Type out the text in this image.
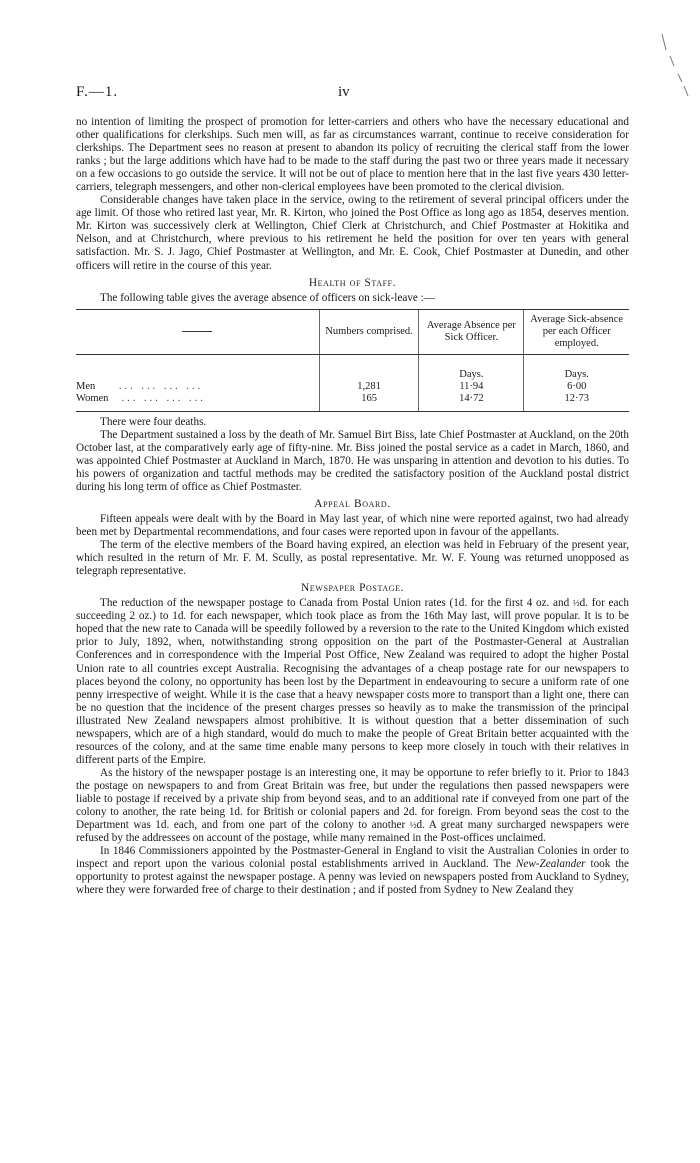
F.—1.	iv

no intention of limiting the prospect of promotion for letter-carriers and others who have the necessary educational and other qualifications for clerkships. Such men will, as far as circumstances warrant, continue to receive consideration for clerkships. The Department sees no reason at present to abandon its policy of recruiting the clerical staff from the lower ranks ; but the large additions which have had to be made to the staff during the past two or three years made it necessary on a few occasions to go outside the service. It will not be out of place to mention here that in the last five years 430 letter-carriers, telegraph messengers, and other non-clerical employees have been promoted to the clerical division.

Considerable changes have taken place in the service, owing to the retirement of several principal officers under the age limit. Of those who retired last year, Mr. R. Kirton, who joined the Post Office as long ago as 1854, deserves mention. Mr. Kirton was successively clerk at Wellington, Chief Clerk at Christchurch, and Chief Postmaster at Hokitika and Nelson, and at Christchurch, where previous to his retirement he held the position for over ten years with general satisfaction. Mr. S. J. Jago, Chief Postmaster at Wellington, and Mr. E. Cook, Chief Postmaster at Dunedin, and other officers will retire in the course of this year.

Health of Staff.

The following table gives the average absence of officers on sick-leave :—

	Numbers comprised.	Average Absence per Sick Officer.	Average Sick-absence per each Officer employed.
		Days.	Days.
Men ... ... ... ...	1,281	11·94	6·00
Women ... ... ... ...	165	14·72	12·73

There were four deaths.

The Department sustained a loss by the death of Mr. Samuel Birt Biss, late Chief Postmaster at Auckland, on the 20th October last, at the comparatively early age of fifty-nine. Mr. Biss joined the postal service as a cadet in March, 1860, and was appointed Chief Postmaster at Auckland in March, 1870. He was unsparing in attention and devotion to his duties. To his powers of organization and tactful methods may be credited the satisfactory position of the Auckland postal district during his long term of office as Chief Postmaster.

Appeal Board.

Fifteen appeals were dealt with by the Board in May last year, of which nine were reported against, two had already been met by Departmental recommendations, and four cases were reported upon in favour of the appellants.

The term of the elective members of the Board having expired, an election was held in February of the present year, which resulted in the return of Mr. F. M. Scully, as postal representative. Mr. W. F. Young was returned unopposed as telegraph representative.

Newspaper Postage.

The reduction of the newspaper postage to Canada from Postal Union rates (1d. for the first 4 oz. and ½d. for each succeeding 2 oz.) to 1d. for each newspaper, which took place as from the 16th May last, will prove popular. It is to be hoped that the new rate to Canada will be speedily followed by a reversion to the rate to the United Kingdom which existed prior to July, 1892, when, notwithstanding strong opposition on the part of the Postmaster-General at Australian Conferences and in correspondence with the Imperial Post Office, New Zealand was required to adopt the higher Postal Union rate to all countries except Australia. Recognising the advantages of a cheap postage rate for our newspapers to places beyond the colony, no opportunity has been lost by the Department in endeavouring to secure a uniform rate of one penny irrespective of weight. While it is the case that a heavy newspaper costs more to transport than a light one, there can be no question that the incidence of the present charges presses so heavily as to make the transmission of the principal illustrated New Zealand newspapers almost prohibitive. It is without question that a better dissemination of such newspapers, which are of a high standard, would do much to make the people of Great Britain better acquainted with the resources of the colony, and at the same time enable many persons to keep more closely in touch with their relatives in different parts of the Empire.

As the history of the newspaper postage is an interesting one, it may be opportune to refer briefly to it. Prior to 1843 the postage on newspapers to and from Great Britain was free, but under the regulations then passed newspapers were liable to postage if received by a private ship from beyond seas, and to an additional rate if conveyed from one part of the colony to another, the rate being 1d. for British or colonial papers and 2d. for foreign. From beyond seas the cost to the Department was 1d. each, and from one part of the colony to another ½d. A great many surcharged newspapers were refused by the addressees on account of the postage, while many remained in the Post-offices unclaimed.

In 1846 Commissioners appointed by the Postmaster-General in England to visit the Australian Colonies in order to inspect and report upon the various colonial postal establishments arrived in Auckland. The New-Zealander took the opportunity to protest against the newspaper postage. A penny was levied on newspapers posted from Auckland to Sydney, where they were forwarded free of charge to their destination ; and if posted from Sydney to New Zealand they
